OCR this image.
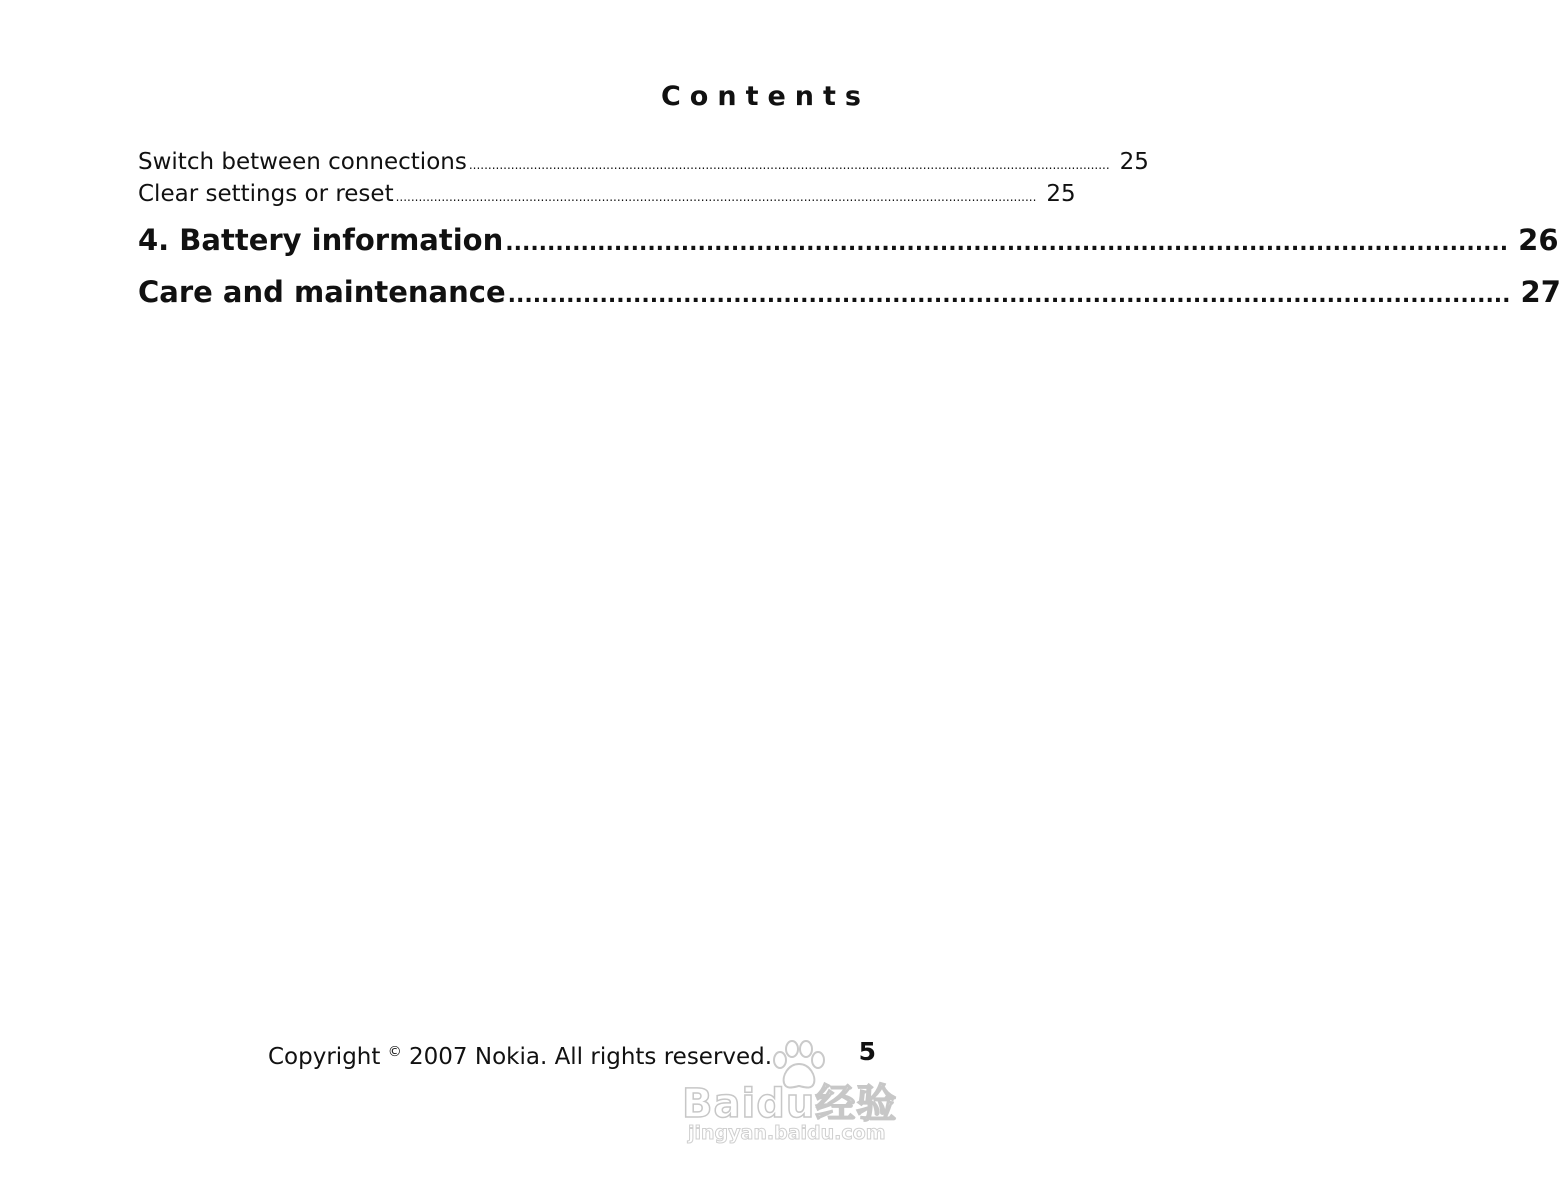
Contents
Switch between connections ........................................................................................................................................................................ 25
Clear settings or reset ........................................................................................................................................................................ 25
4. Battery information ........................................................................................................................ 26
Care and maintenance ........................................................................................................................ 27
Copyright © 2007 Nokia. All rights reserved.	5
Baidu经验
jingyan.baidu.com
